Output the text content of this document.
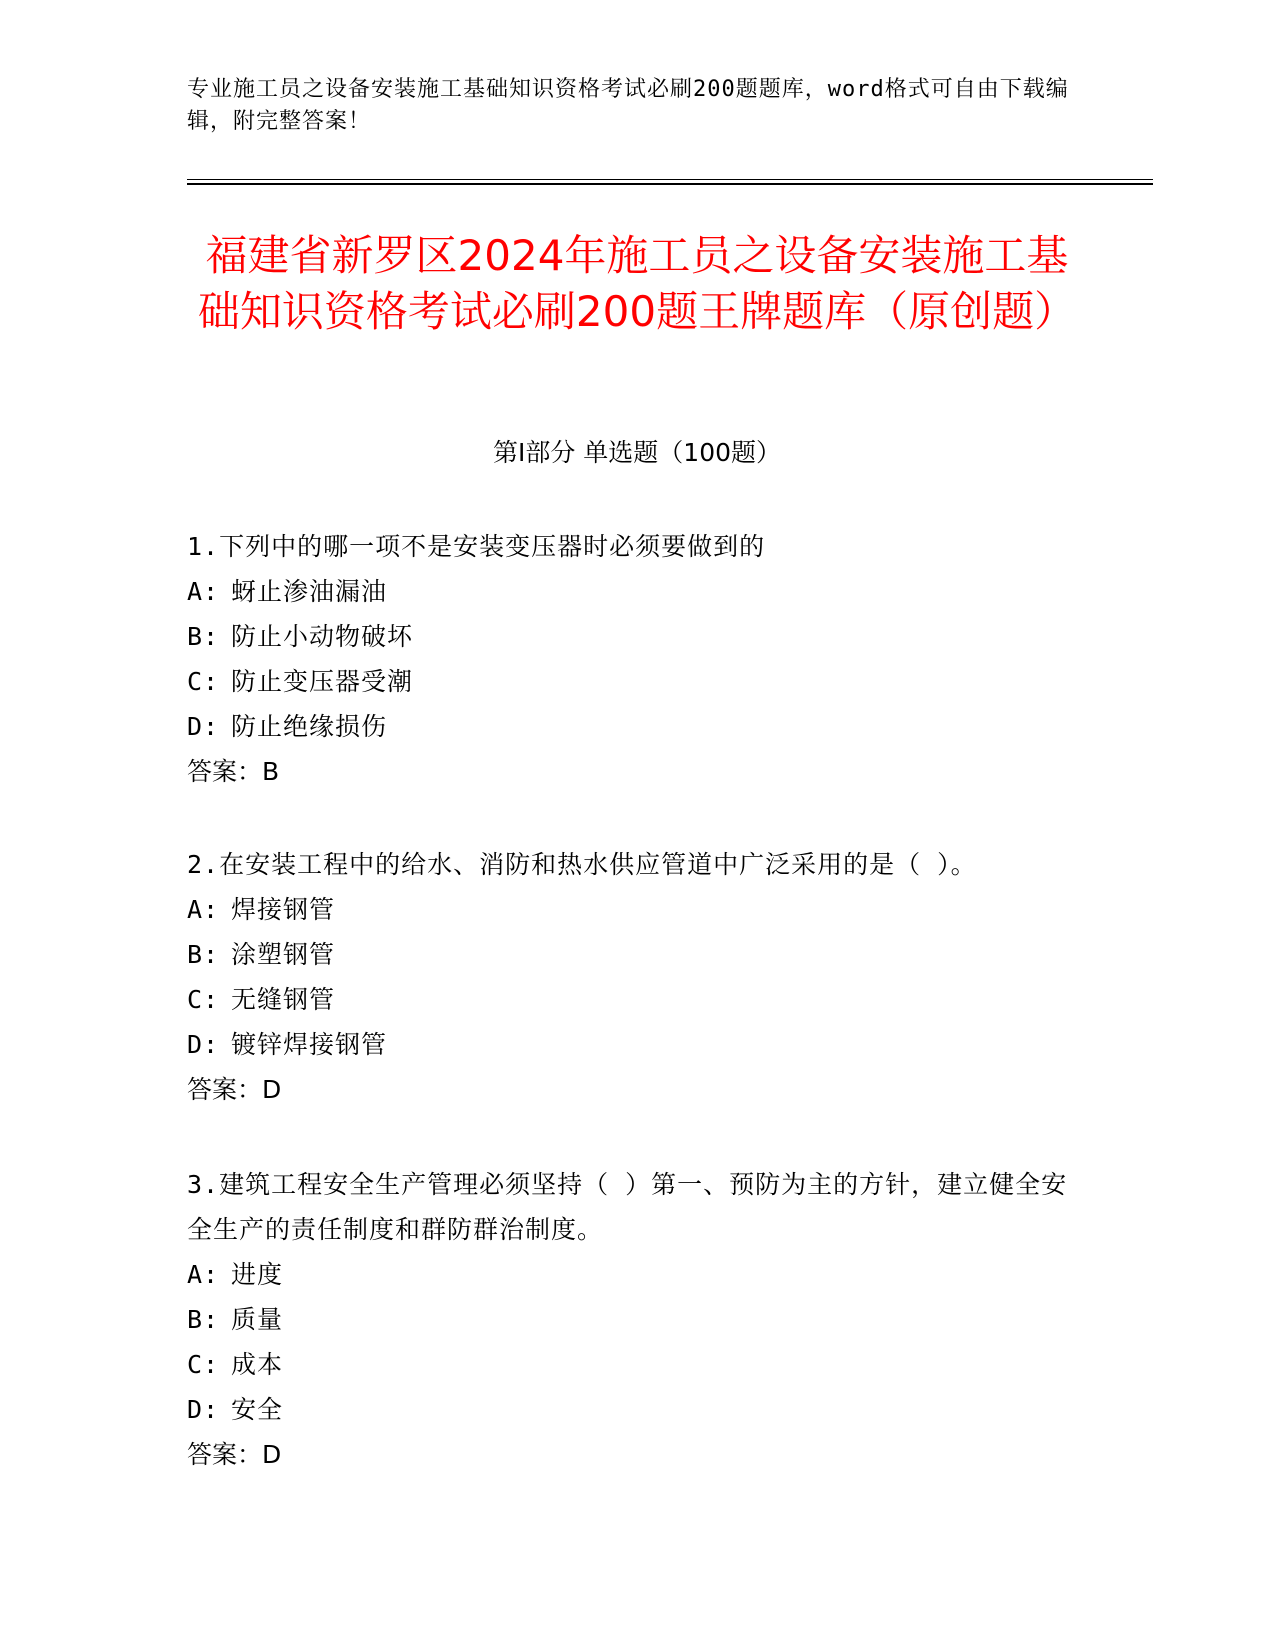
专业施工员之设备安装施工基础知识资格考试必刷200题题库，word格式可自由下载编辑，附完整答案！
福建省新罗区2024年施工员之设备安装施工基础知识资格考试必刷200题王牌题库（原创题）
第I部分 单选题（100题）
1.下列中的哪一项不是安装变压器时必须要做到的
A: 蚜止渗油漏油
B: 防止小动物破坏
C: 防止变压器受潮
D: 防止绝缘损伤
答案：B
2.在安装工程中的给水、消防和热水供应管道中广泛采用的是（ ）。
A: 焊接钢管
B: 涂塑钢管
C: 无缝钢管
D: 镀锌焊接钢管
答案：D
3.建筑工程安全生产管理必须坚持（ ）第一、预防为主的方针，建立健全安全生产的责任制度和群防群治制度。
A: 进度
B: 质量
C: 成本
D: 安全
答案：D
